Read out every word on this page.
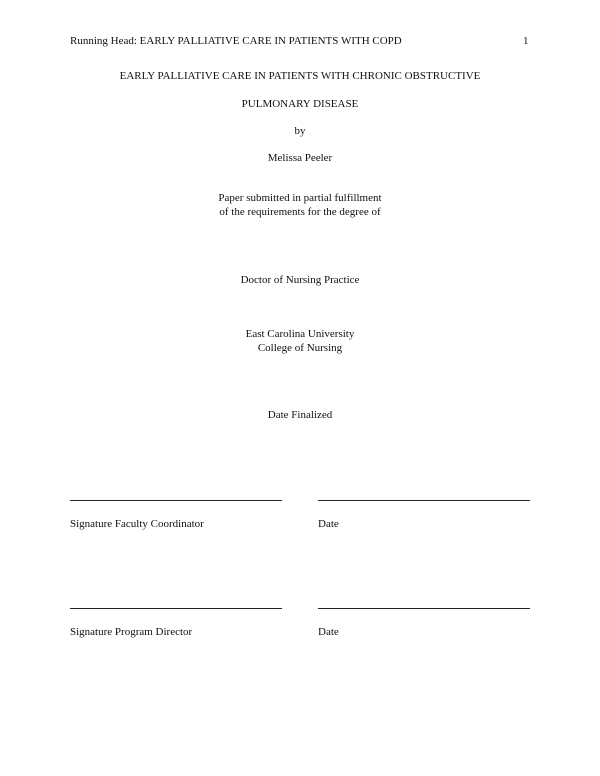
Running Head: EARLY PALLIATIVE CARE IN PATIENTS WITH COPD	1
EARLY PALLIATIVE CARE IN PATIENTS WITH CHRONIC OBSTRUCTIVE
PULMONARY DISEASE
by
Melissa Peeler
Paper submitted in partial fulfillment
of the requirements for the degree of
Doctor of Nursing Practice
East Carolina University
College of Nursing
Date Finalized
Signature Faculty Coordinator	Date
Signature Program Director	Date
